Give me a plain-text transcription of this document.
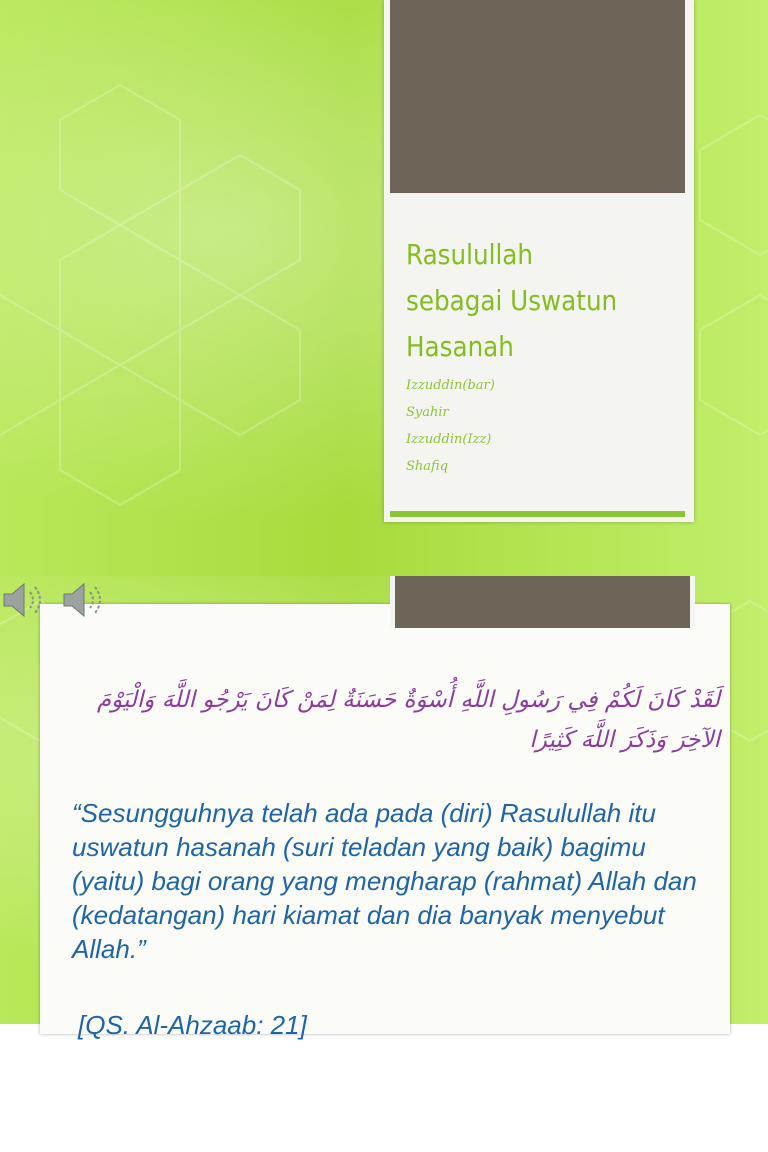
Rasulullah
sebagai Uswatun
Hasanah
Izzuddin(bar)
Syahir
Izzuddin(Izz)
Shafiq
لَقَدْ كَانَ لَكُمْ فِي رَسُولِ اللَّهِ أُسْوَةٌ حَسَنَةٌ لِمَنْ كَانَ يَرْجُو اللَّهَ وَالْيَوْمَ الآخِرَ وَذَكَرَ اللَّهَ كَثِيرًا

“Sesungguhnya telah ada pada (diri) Rasulullah itu uswatun hasanah (suri teladan yang baik) bagimu (yaitu) bagi orang yang mengharap (rahmat) Allah dan (kedatangan) hari kiamat dan dia banyak menyebut Allah.”

[QS. Al-Ahzaab: 21]
